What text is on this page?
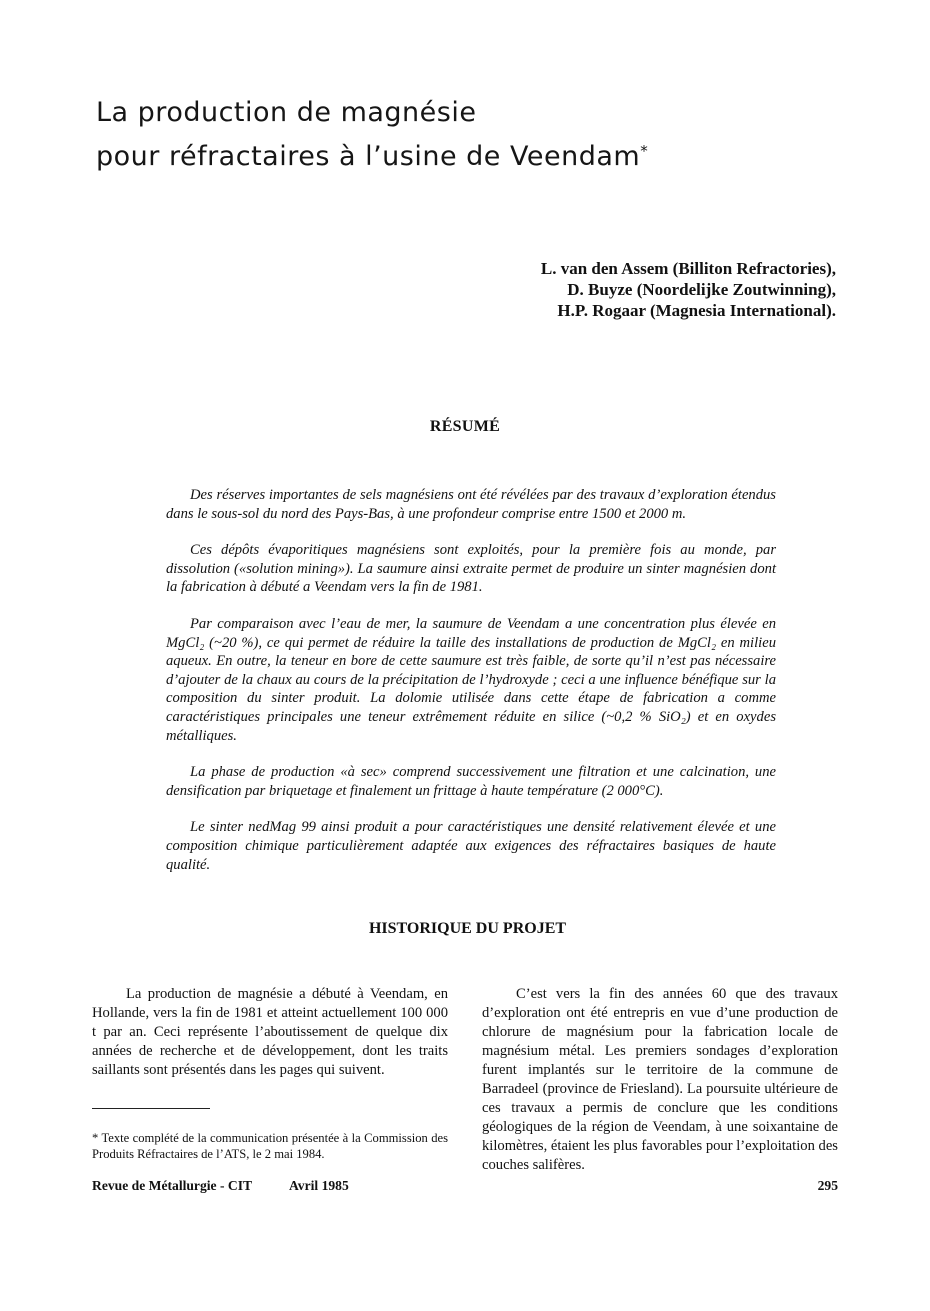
La production de magnésie
pour réfractaires à l’usine de Veendam*
L. van den Assem (Billiton Refractories),
D. Buyze (Noordelijke Zoutwinning),
H.P. Rogaar (Magnesia International).
RÉSUMÉ

Des réserves importantes de sels magnésiens ont été révélées par des travaux d’exploration étendus dans le sous-sol du nord des Pays-Bas, à une profondeur comprise entre 1500 et 2000 m.

Ces dépôts évaporitiques magnésiens sont exploités, pour la première fois au monde, par dissolution («solution mining»). La saumure ainsi extraite permet de produire un sinter magnésien dont la fabrication à débuté a Veendam vers la fin de 1981.

Par comparaison avec l’eau de mer, la saumure de Veendam a une concentration plus élevée en MgCl₂ (~20 %), ce qui permet de réduire la taille des installations de production de MgCl₂ en milieu aqueux. En outre, la teneur en bore de cette saumure est très faible, de sorte qu’il n’est pas nécessaire d’ajouter de la chaux au cours de la précipitation de l’hydroxyde ; ceci a une influence bénéfique sur la composition du sinter produit. La dolomie utilisée dans cette étape de fabrication a comme caractéristiques principales une teneur extrêmement réduite en silice (~0,2 % SiO₂) et en oxydes métalliques.

La phase de production «à sec» comprend successivement une filtration et une calcination, une densification par briquetage et finalement un frittage à haute température (2 000°C).

Le sinter nedMag 99 ainsi produit a pour caractéristiques une densité relativement élevée et une composition chimique particulièrement adaptée aux exigences des réfractaires basiques de haute qualité.

HISTORIQUE DU PROJET

La production de magnésie a débuté à Veendam, en Hollande, vers la fin de 1981 et atteint actuellement 100 000 t par an. Ceci représente l’aboutissement de quelque dix années de recherche et de développement, dont les traits saillants sont présentés dans les pages qui suivent.

C’est vers la fin des années 60 que des travaux d’exploration ont été entrepris en vue d’une production de chlorure de magnésium pour la fabrication locale de magnésium métal. Les premiers sondages d’exploration furent implantés sur le territoire de la commune de Barradeel (province de Friesland). La poursuite ultérieure de ces travaux a permis de conclure que les conditions géologiques de la région de Veendam, à une soixantaine de kilomètres, étaient les plus favorables pour l’exploitation des couches salifères.

* Texte complété de la communication présentée à la Commission des Produits Réfractaires de l’ATS, le 2 mai 1984.

Revue de Métallurgie - CIT	Avril 1985	295
